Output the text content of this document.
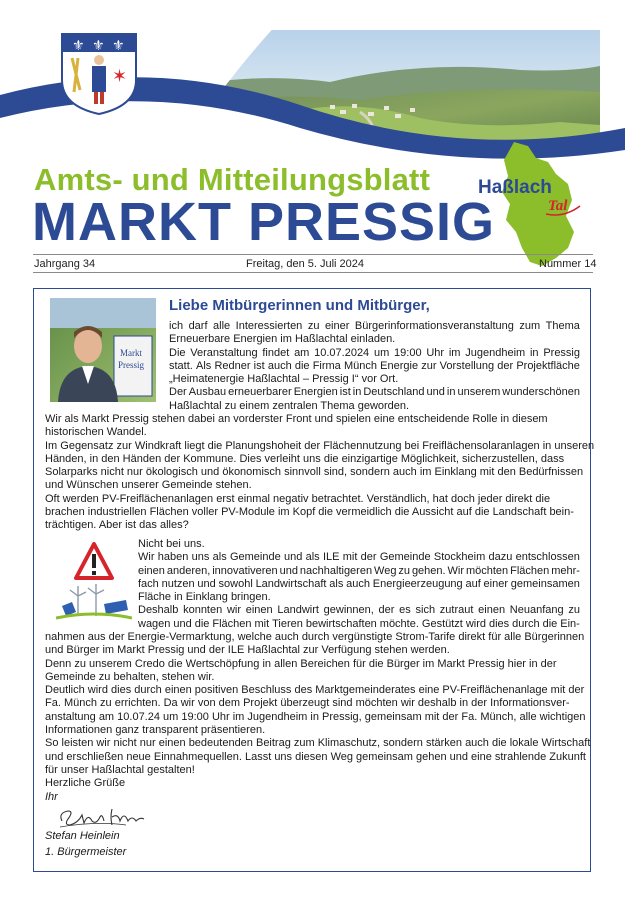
⚜ ⚜ ⚜
✶
Amts- und Mitteilungsblatt
MARKT PRESSIG
Haßlach
Tal
Jahrgang 34	Freitag, den 5. Juli 2024	Nummer 14
Markt
Pressig
Liebe Mitbürgerinnen und Mitbürger,
ich darf alle Interessierten zu einer Bürgerinformationsveranstaltung zum Thema
Erneuerbare Energien im Haßlachtal einladen.
Die Veranstaltung findet am 10.07.2024 um 19:00 Uhr im Jugendheim in Pressig
statt. Als Redner ist auch die Firma Münch Energie zur Vorstellung der Projektfläche
„Heimatenergie Haßlachtal – Pressig I“ vor Ort.
Der Ausbau erneuerbarer Energien ist in Deutschland und in unserem wunderschönen
Haßlachtal zu einem zentralen Thema geworden.
Wir als Markt Pressig stehen dabei an vorderster Front und spielen eine entscheidende Rolle in diesem
historischen Wandel.
Im Gegensatz zur Windkraft liegt die Planungshoheit der Flächennutzung bei Freiflächensolaranlagen in unseren
Händen, in den Händen der Kommune. Dies verleiht uns die einzigartige Möglichkeit, sicherzustellen, dass
Solarparks nicht nur ökologisch und ökonomisch sinnvoll sind, sondern auch im Einklang mit den Bedürfnissen
und Wünschen unserer Gemeinde stehen.
Oft werden PV-Freiflächenanlagen erst einmal negativ betrachtet. Verständlich, hat doch jeder direkt die
brachen industriellen Flächen voller PV-Module im Kopf die vermeidlich die Aussicht auf die Landschaft bein-
trächtigen. Aber ist das alles?
Nicht bei uns.
Wir haben uns als Gemeinde und als ILE mit der Gemeinde Stockheim dazu entschlossen
einen anderen, innovativeren und nachhaltigeren Weg zu gehen. Wir möchten Flächen mehr-
fach nutzen und sowohl Landwirtschaft als auch Energieerzeugung auf einer gemeinsamen
Fläche in Einklang bringen.
Deshalb konnten wir einen Landwirt gewinnen, der es sich zutraut einen Neuanfang zu
wagen und die Flächen mit Tieren bewirtschaften möchte. Gestützt wird dies durch die Ein-
nahmen aus der Energie-Vermarktung, welche auch durch vergünstigte Strom-Tarife direkt für alle Bürgerinnen
und Bürger im Markt Pressig und der ILE Haßlachtal zur Verfügung stehen werden.
Denn zu unserem Credo die Wertschöpfung in allen Bereichen für die Bürger im Markt Pressig hier in der
Gemeinde zu behalten, stehen wir.
Deutlich wird dies durch einen positiven Beschluss des Marktgemeinderates eine PV-Freiflächenanlage mit der
Fa. Münch zu errichten. Da wir von dem Projekt überzeugt sind möchten wir deshalb in der Informationsver-
anstaltung am 10.07.24 um 19:00 Uhr im Jugendheim in Pressig, gemeinsam mit der Fa. Münch, alle wichtigen
Informationen ganz transparent präsentieren.
So leisten wir nicht nur einen bedeutenden Beitrag zum Klimaschutz, sondern stärken auch die lokale Wirtschaft
und erschließen neue Einnahmequellen. Lasst uns diesen Weg gemeinsam gehen und eine strahlende Zukunft
für unser Haßlachtal gestalten!
Herzliche Grüße
Ihr
Stefan Heinlein
1. Bürgermeister
